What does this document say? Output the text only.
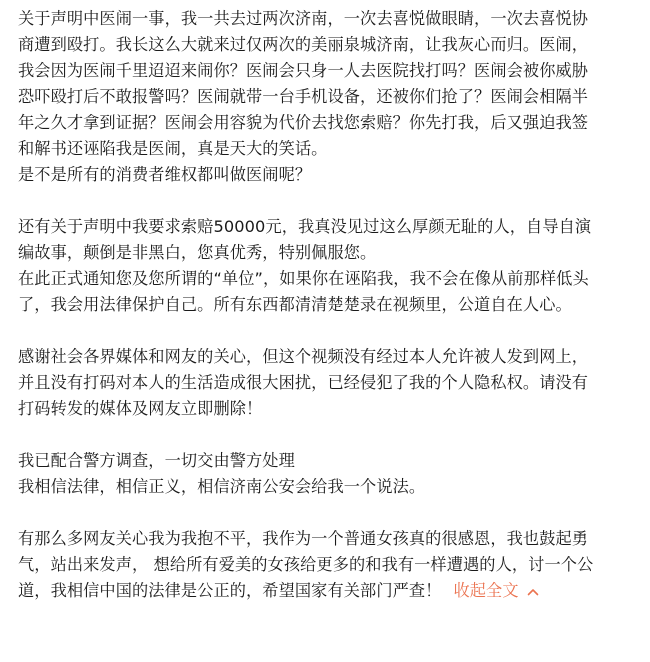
关于声明中医闹一事，我一共去过两次济南，一次去喜悦做眼睛，一次去喜悦协
商遭到殴打。我长这么大就来过仅两次的美丽泉城济南，让我灰心而归。医闹，
我会因为医闹千里迢迢来闹你？医闹会只身一人去医院找打吗？医闹会被你威胁
恐吓殴打后不敢报警吗？医闹就带一台手机设备，还被你们抢了？医闹会相隔半
年之久才拿到证据？医闹会用容貌为代价去找您索赔？你先打我，后又强迫我签
和解书还诬陷我是医闹，真是天大的笑话。
是不是所有的消费者维权都叫做医闹呢？
还有关于声明中我要求索赔50000元，我真没见过这么厚颜无耻的人，自导自演
编故事，颠倒是非黑白，您真优秀，特别佩服您。
在此正式通知您及您所谓的“单位”，如果你在诬陷我，我不会在像从前那样低头
了，我会用法律保护自己。所有东西都清清楚楚录在视频里，公道自在人心。
感谢社会各界媒体和网友的关心，但这个视频没有经过本人允许被人发到网上，
并且没有打码对本人的生活造成很大困扰，已经侵犯了我的个人隐私权。请没有
打码转发的媒体及网友立即删除！
我已配合警方调查，一切交由警方处理
我相信法律，相信正义，相信济南公安会给我一个说法。
有那么多网友关心我为我抱不平，我作为一个普通女孩真的很感恩，我也鼓起勇
气，站出来发声， 想给所有爱美的女孩给更多的和我有一样遭遇的人，讨一个公
道，我相信中国的法律是公正的，希望国家有关部门严查！ 收起全文
